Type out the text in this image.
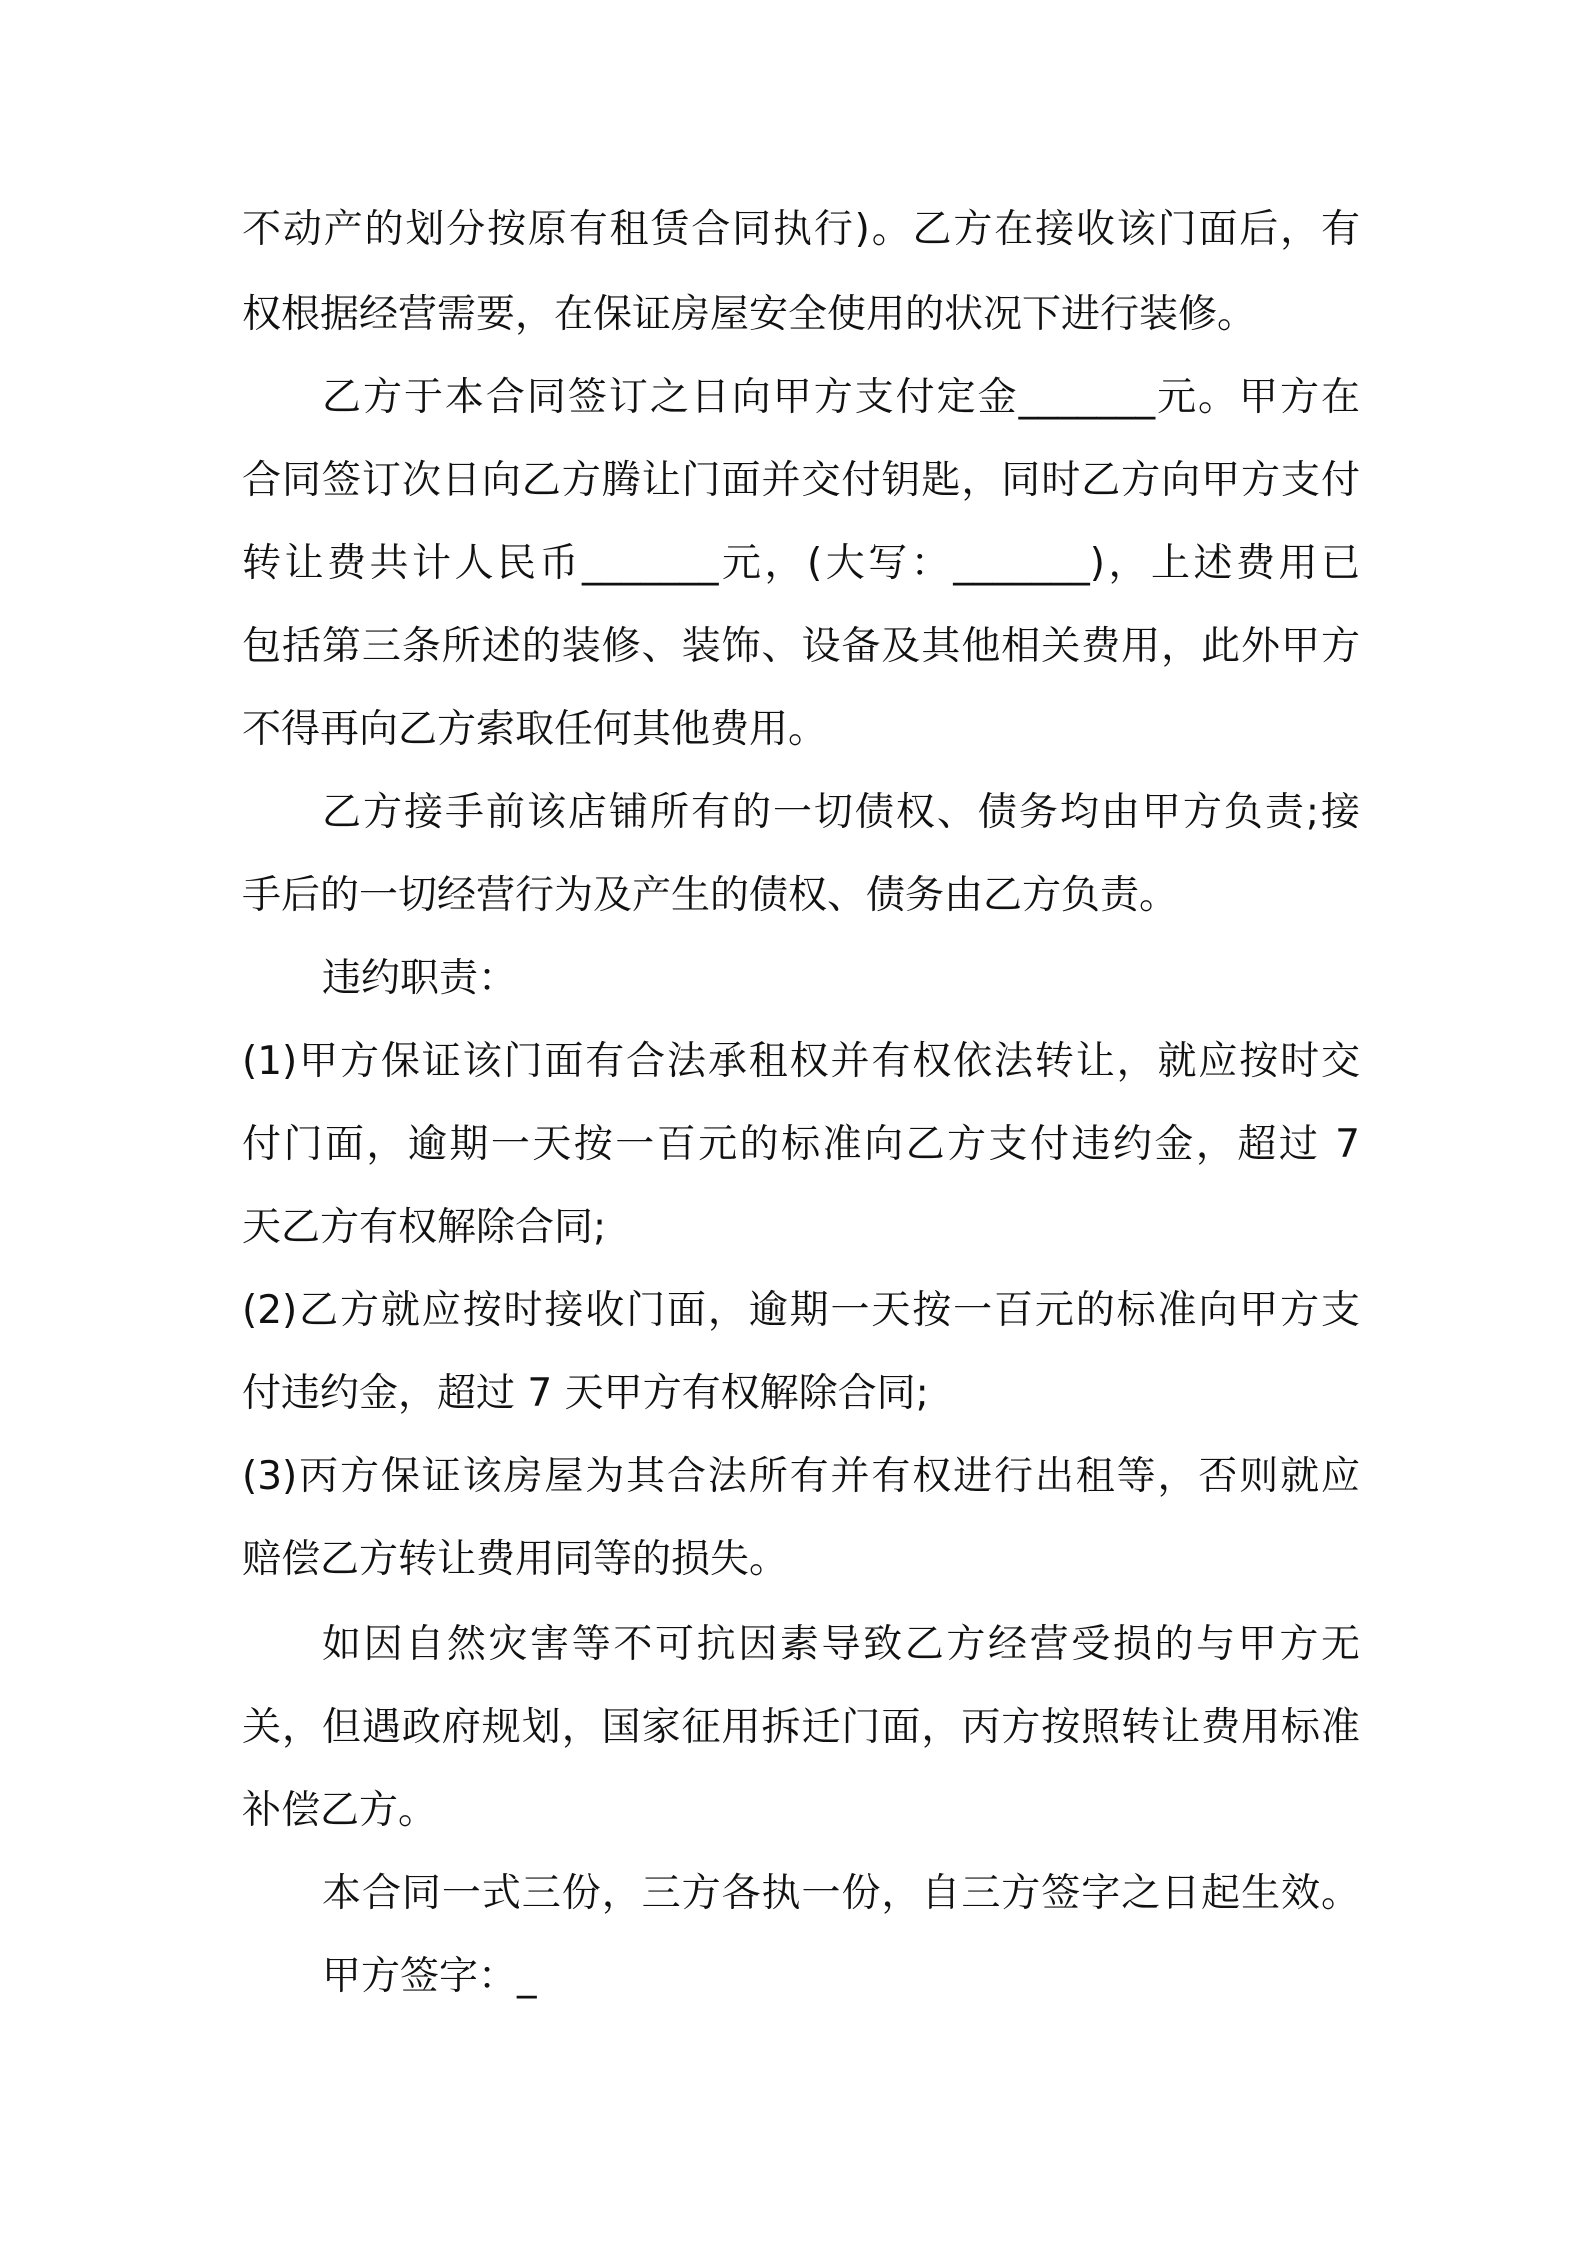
不动产的划分按原有租赁合同执行)。乙方在接收该门面后，有
权根据经营需要，在保证房屋安全使用的状况下进行装修。
乙方于本合同签订之日向甲方支付定金_______元。甲方在
合同签订次日向乙方腾让门面并交付钥匙，同时乙方向甲方支付
转让费共计人民币_______元，(大写：_______)，上述费用已
包括第三条所述的装修、装饰、设备及其他相关费用，此外甲方
不得再向乙方索取任何其他费用。
乙方接手前该店铺所有的一切债权、债务均由甲方负责;接
手后的一切经营行为及产生的债权、债务由乙方负责。
违约职责：
(1)甲方保证该门面有合法承租权并有权依法转让，就应按时交
付门面，逾期一天按一百元的标准向乙方支付违约金，超过 7
天乙方有权解除合同;
(2)乙方就应按时接收门面，逾期一天按一百元的标准向甲方支
付违约金，超过 7 天甲方有权解除合同;
(3)丙方保证该房屋为其合法所有并有权进行出租等，否则就应
赔偿乙方转让费用同等的损失。
如因自然灾害等不可抗因素导致乙方经营受损的与甲方无
关，但遇政府规划，国家征用拆迁门面，丙方按照转让费用标准
补偿乙方。
本合同一式三份，三方各执一份，自三方签字之日起生效。
甲方签字：_
